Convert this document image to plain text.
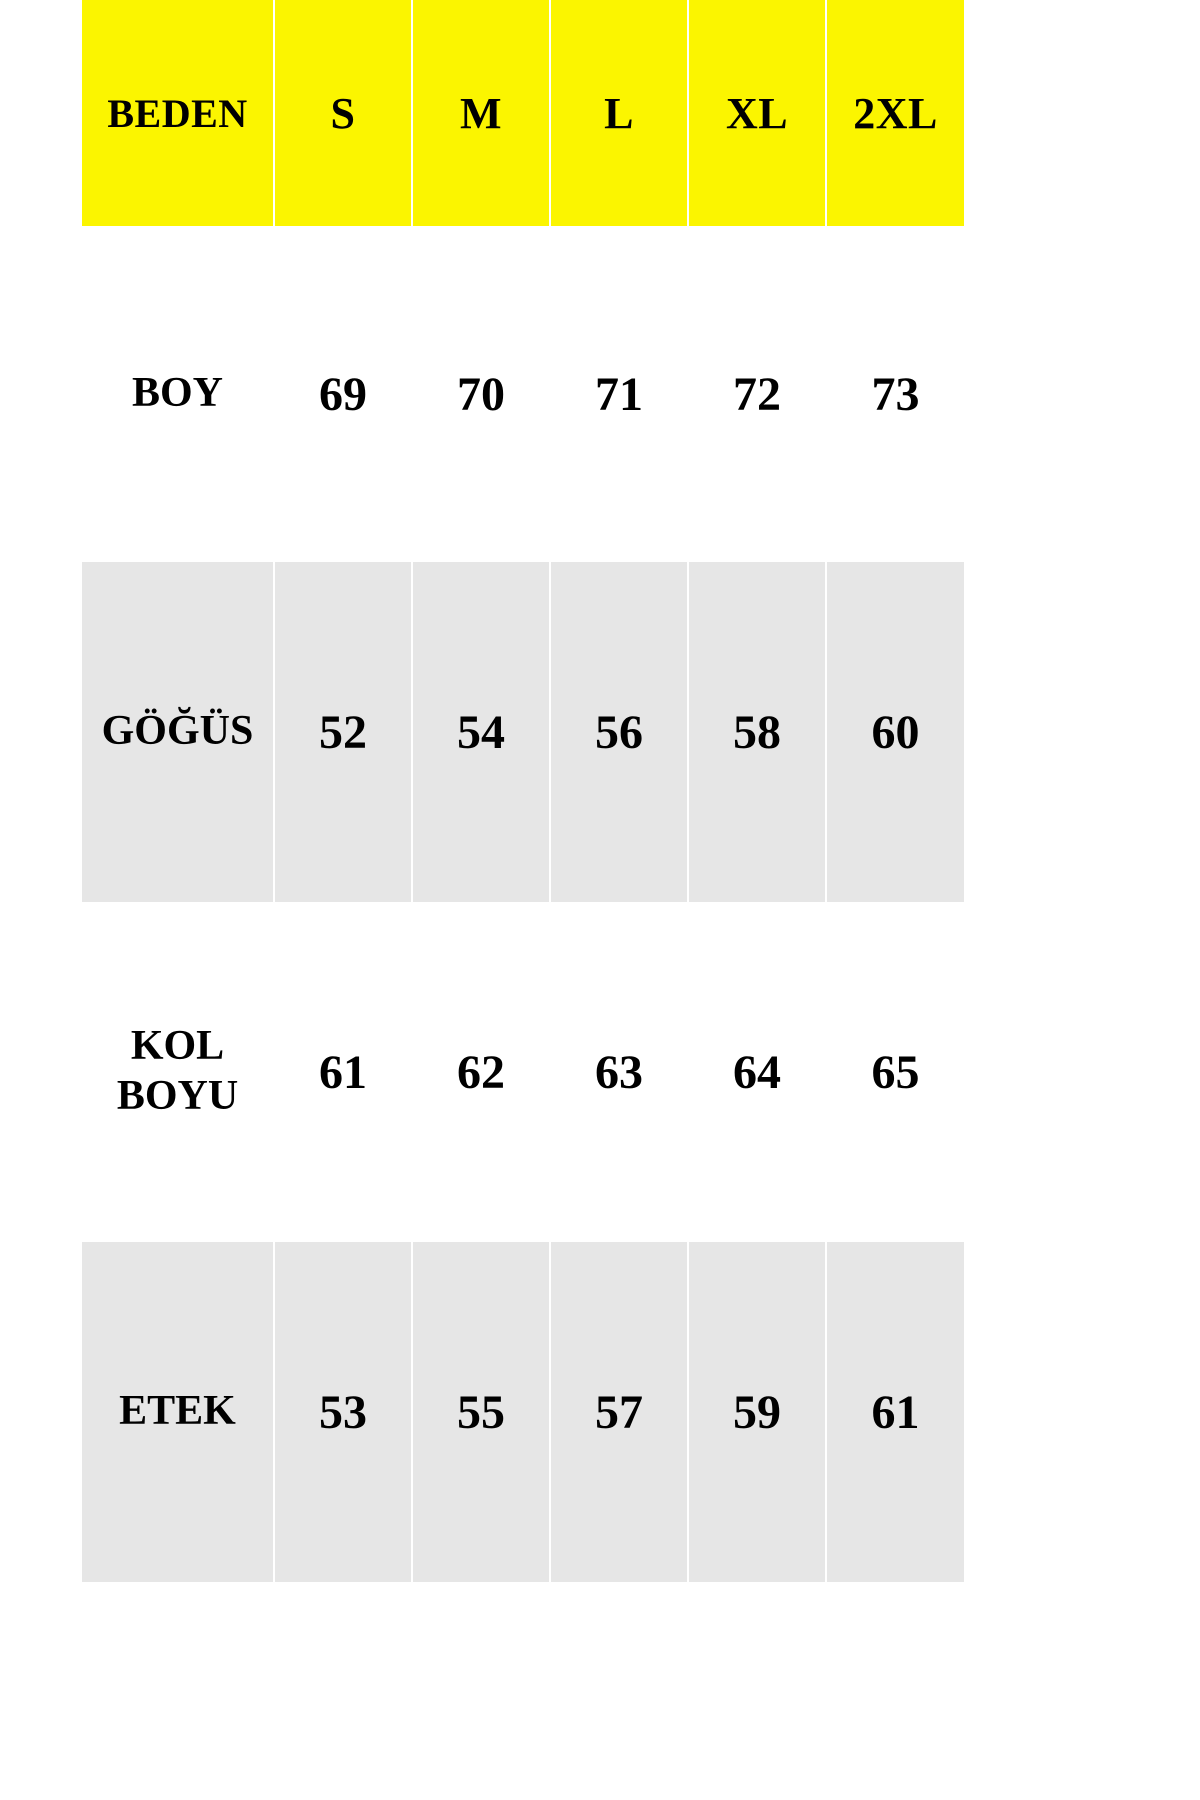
BEDEN	S	M	L	XL	2XL
BOY	69	70	71	72	73
GÖĞÜS	52	54	56	58	60

KOL
BOYU	61	62	63	64	65
ETEK	53	55	57	59	61
